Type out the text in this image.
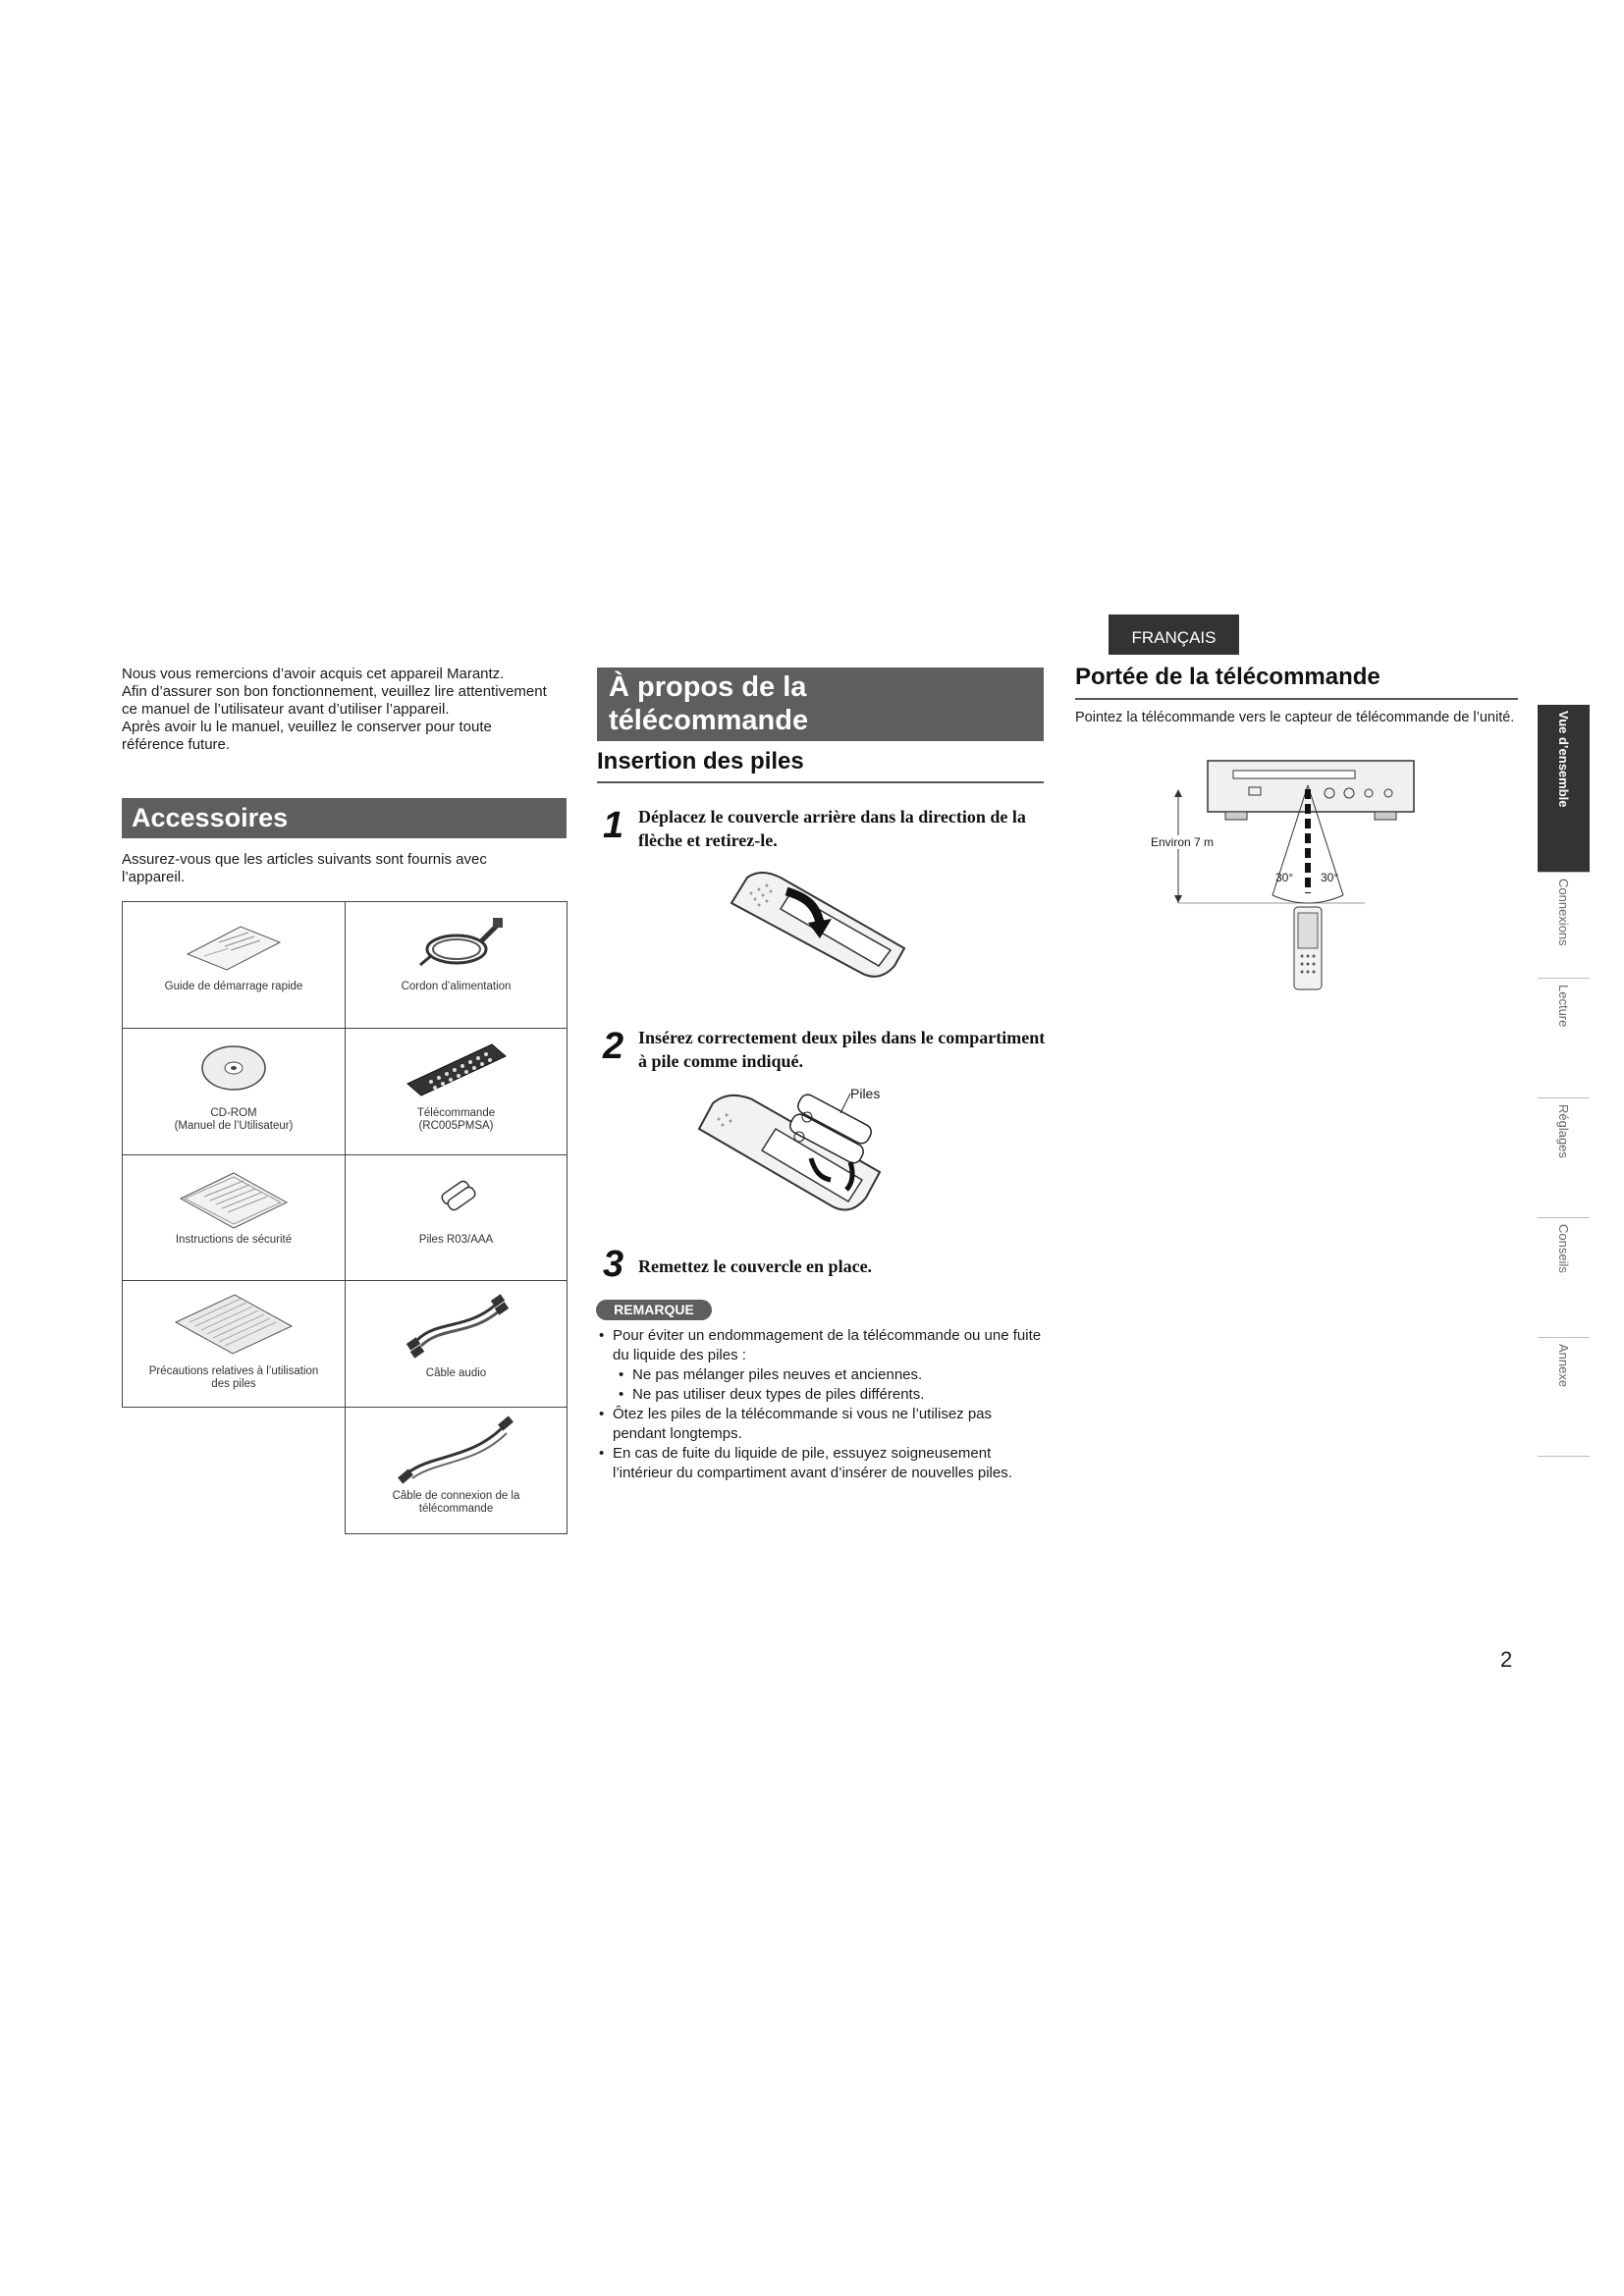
Nous vous remercions d’avoir acquis cet appareil Marantz.

Afin d’assurer son bon fonctionnement, veuillez lire attentivement ce manuel de l’utilisateur avant d’utiliser l’appareil.

Après avoir lu le manuel, veuillez le conserver pour toute référence future.

Accessoires

Assurez-vous que les articles suivants sont fournis avec l’appareil.

Guide de démarrage rapide	Cordon d’alimentation
CD-ROM
(Manuel de l’Utilisateur)
Télécommande
(RC005PMSA)
Instructions de sécurité	Piles R03/AAA
Précautions relatives à l’utilisation
des piles
Câble audio
Câble de connexion de la
télécommande
À propos de la
télécommande
Insertion des piles
1 Déplacez le couvercle arrière dans la direction de la flèche et retirez-le.
2 Insérez correctement deux piles dans le compartiment à pile comme indiqué.
Piles
3 Remettez le couvercle en place.
REMARQUE
• Pour éviter un endommagement de la télécommande ou une fuite du liquide des piles :
• Ne pas mélanger piles neuves et anciennes.
• Ne pas utiliser deux types de piles différents.
• Ôtez les piles de la télécommande si vous ne l’utilisez pas pendant longtemps.
• En cas de fuite du liquide de pile, essuyez soigneusement l’intérieur du compartiment avant d’insérer de nouvelles piles.
FRANÇAIS
Portée de la télécommande
Pointez la télécommande vers le capteur de télécommande de l’unité.
Environ 7 m
30° 30°
Vue d’ensemble
Connexions
Lecture
Réglages
Conseils
Annexe
2
